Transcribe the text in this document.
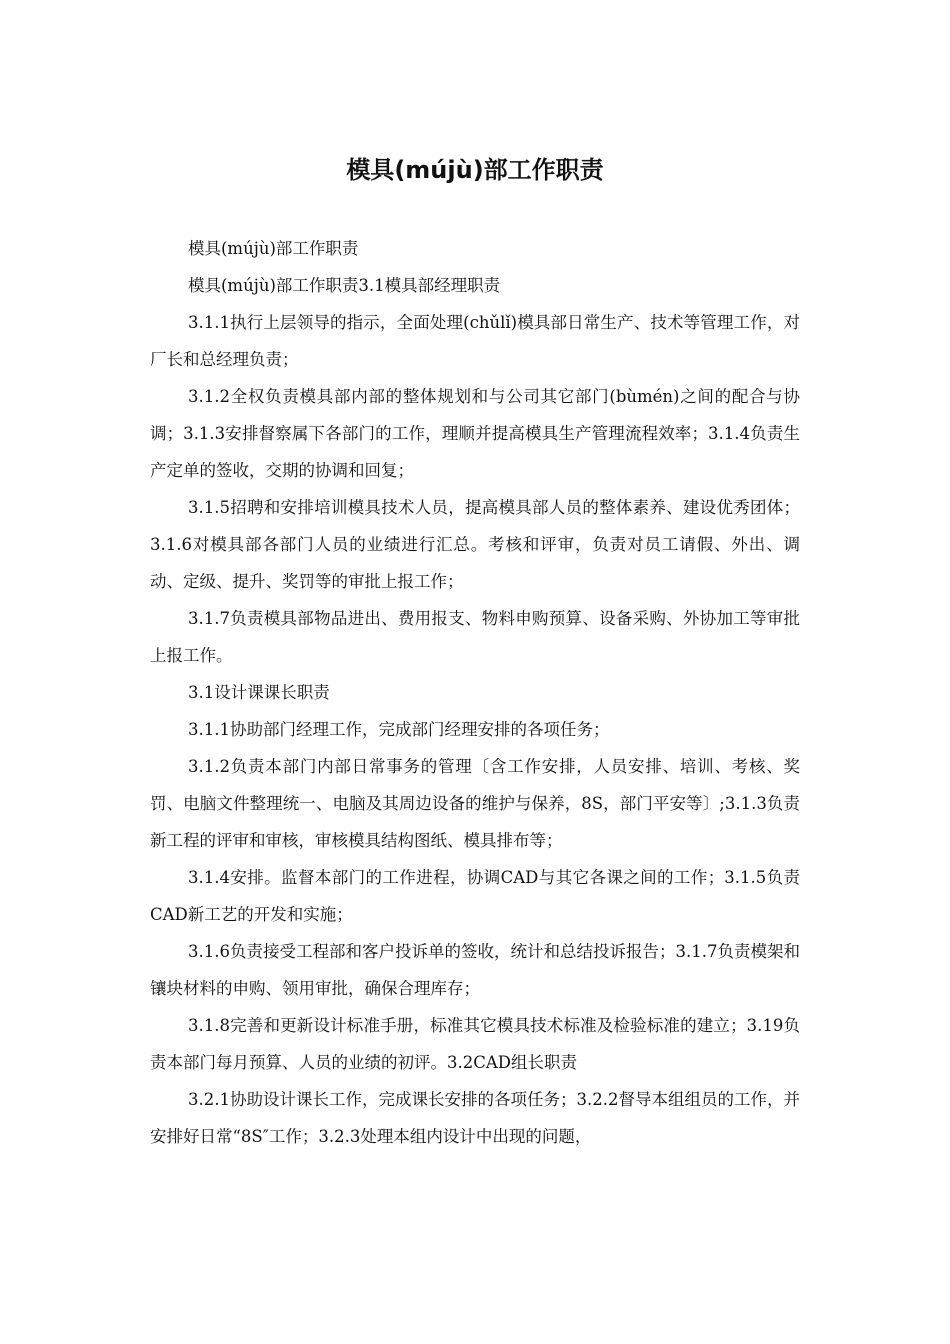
模具(mújù)部工作职责

模具(mújù)部工作职责

模具(mújù)部工作职责3.1模具部经理职责

3.1.1执行上层领导的指示，全面处理(chǔlǐ)模具部日常生产、技术等管理工作，对厂长和总经理负责；

3.1.2全权负责模具部内部的整体规划和与公司其它部门(bùmén)之间的配合与协调；3.1.3安排督察属下各部门的工作，理顺并提高模具生产管理流程效率；3.1.4负责生产定单的签收，交期的协调和回复；

3.1.5招聘和安排培训模具技术人员，提高模具部人员的整体素养、建设优秀团体；3.1.6对模具部各部门人员的业绩进行汇总。考核和评审，负责对员工请假、外出、调动、定级、提升、奖罚等的审批上报工作；

3.1.7负责模具部物品进出、费用报支、物料申购预算、设备采购、外协加工等审批上报工作。

3.1设计课课长职责

3.1.1协助部门经理工作，完成部门经理安排的各项任务；

3.1.2负责本部门内部日常事务的管理〔含工作安排，人员安排、培训、考核、奖罚、电脑文件整理统一、电脑及其周边设备的维护与保养，8S，部门平安等〕;3.1.3负责新工程的评审和审核，审核模具结构图纸、模具排布等；

3.1.4安排。监督本部门的工作进程，协调CAD与其它各课之间的工作；3.1.5负责CAD新工艺的开发和实施；

3.1.6负责接受工程部和客户投诉单的签收，统计和总结投诉报告；3.1.7负责模架和镶块材料的申购、领用审批，确保合理库存；

3.1.8完善和更新设计标准手册，标准其它模具技术标准及检验标准的建立；3.19负责本部门每月预算、人员的业绩的初评。3.2CAD组长职责

3.2.1协助设计课长工作，完成课长安排的各项任务；3.2.2督导本组组员的工作，并安排好日常“8S″工作；3.2.3处理本组内设计中出现的问题，
